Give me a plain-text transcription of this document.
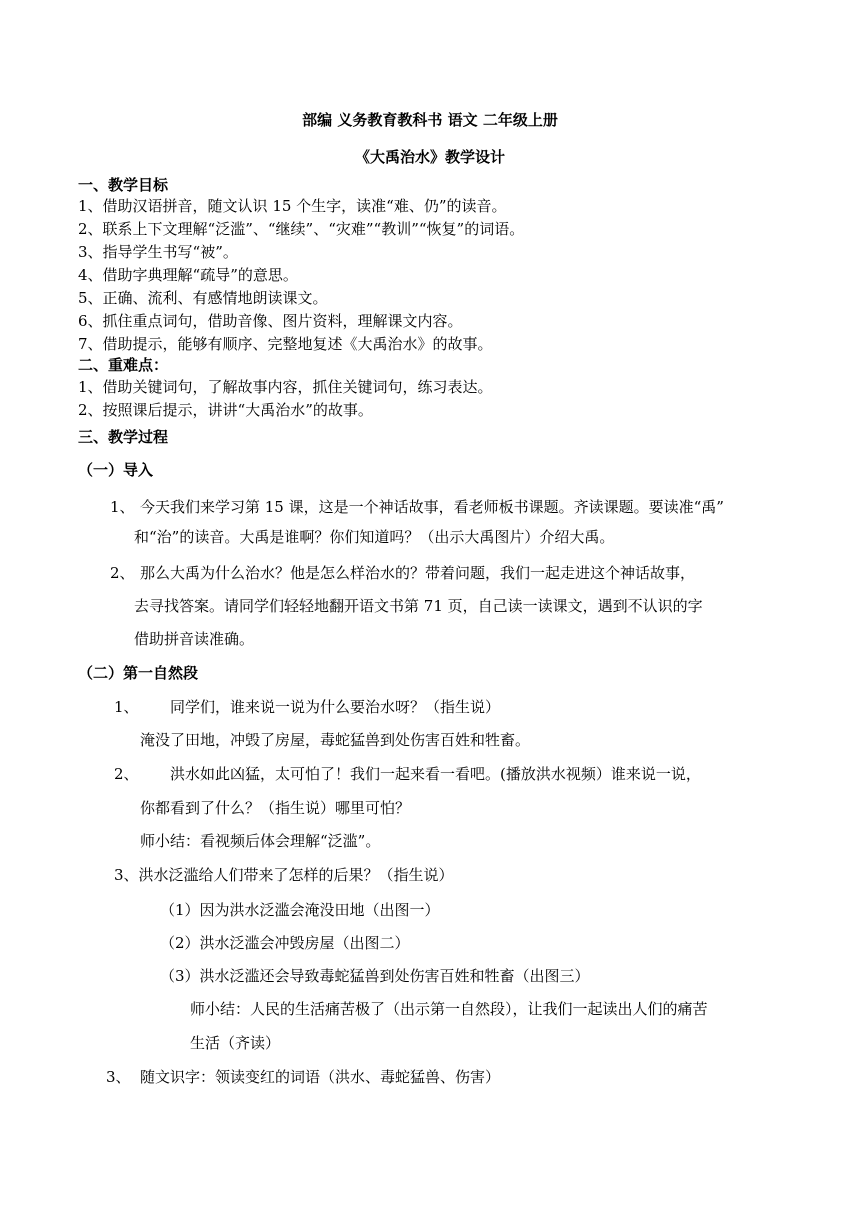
部编 义务教育教科书 语文 二年级上册
《大禹治水》教学设计
一、教学目标
1、借助汉语拼音，随文认识 15 个生字，读准“难、仍”的读音。
2、联系上下文理解“泛滥”、“继续”、“灾难”“教训”“恢复”的词语。
3、指导学生书写“被”。
4、借助字典理解“疏导”的意思。
5、正确、流利、有感情地朗读课文。
6、抓住重点词句，借助音像、图片资料，理解课文内容。
7、借助提示，能够有顺序、完整地复述《大禹治水》的故事。
二、重难点：
1、借助关键词句，了解故事内容，抓住关键词句，练习表达。
2、按照课后提示，讲讲“大禹治水”的故事。
三、教学过程
（一）导入
1、 今天我们来学习第 15 课，这是一个神话故事，看老师板书课题。齐读课题。要读准“禹”
和“治”的读音。大禹是谁啊？你们知道吗？（出示大禹图片）介绍大禹。
2、 那么大禹为什么治水？他是怎么样治水的？带着问题，我们一起走进这个神话故事，
去寻找答案。请同学们轻轻地翻开语文书第 71 页，自己读一读课文，遇到不认识的字
借助拼音读准确。
（二）第一自然段
1、 同学们，谁来说一说为什么要治水呀？（指生说）
淹没了田地，冲毁了房屋，毒蛇猛兽到处伤害百姓和牲畜。
2、 洪水如此凶猛，太可怕了！我们一起来看一看吧。(播放洪水视频）谁来说一说，
你都看到了什么？（指生说）哪里可怕？
师小结：看视频后体会理解“泛滥”。
3、洪水泛滥给人们带来了怎样的后果？（指生说）
（1）因为洪水泛滥会淹没田地（出图一）
（2）洪水泛滥会冲毁房屋（出图二）
（3）洪水泛滥还会导致毒蛇猛兽到处伤害百姓和牲畜（出图三）
师小结：人民的生活痛苦极了（出示第一自然段），让我们一起读出人们的痛苦
生活（齐读）
3、 随文识字：领读变红的词语（洪水、毒蛇猛兽、伤害）
